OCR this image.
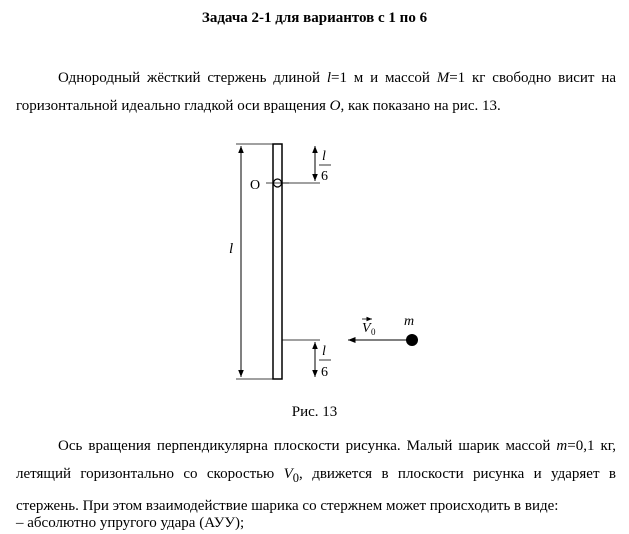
Задача 2-1 для вариантов с 1 по 6
Однородный жёсткий стержень длиной l=1 м и массой M=1 кг свободно висит на горизонтальной идеально гладкой оси вращения O, как показано на рис. 13.
O
l
l
6
l
6
V 0
m
Рис. 13
Ось вращения перпендикулярна плоскости рисунка. Малый шарик массой m=0,1 кг, летящий горизонтально со скоростью $V_0$, движется в плоскости рисунка и ударяет в стержень. При этом взаимодействие шарика со стержнем может происходить в виде:
– абсолютно упругого удара (АУУ);
